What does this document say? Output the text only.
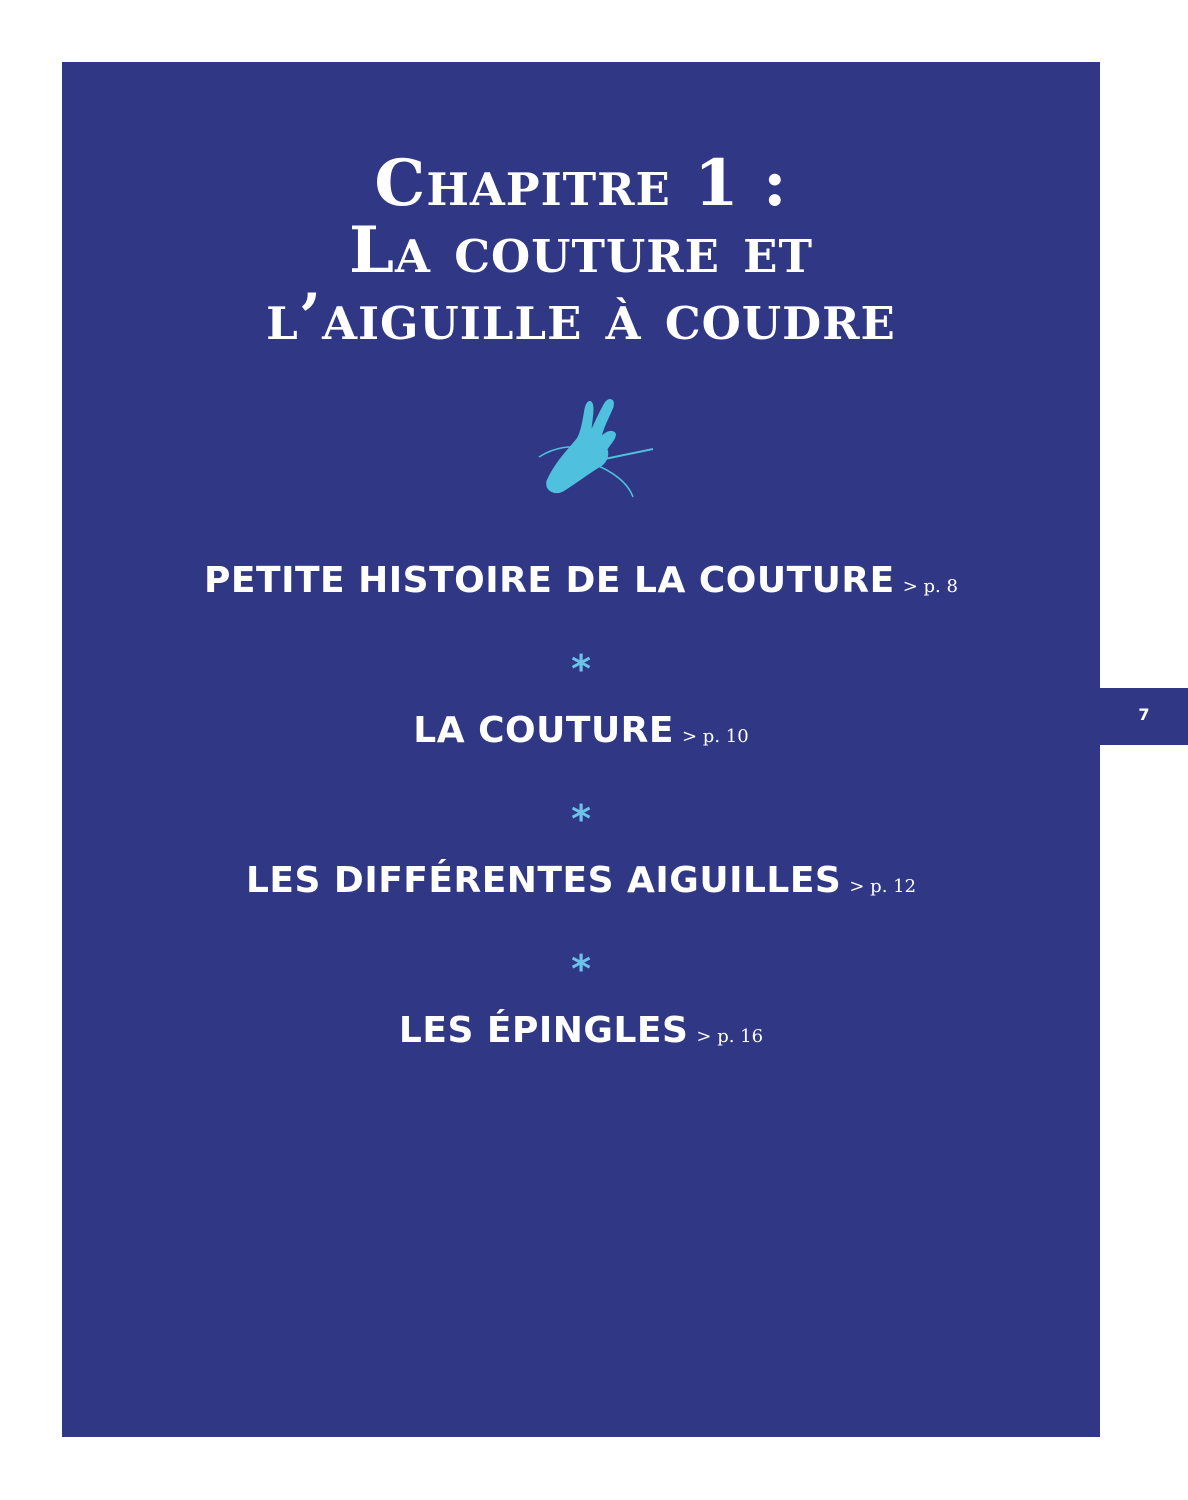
7
Chapitre 1 :
La couture et
l’aiguille à coudre
PETITE HISTOIRE DE LA COUTURE > p. 8
*
LA COUTURE > p. 10
*
LES DIFFÉRENTES AIGUILLES > p. 12
*
LES ÉPINGLES > p. 16
